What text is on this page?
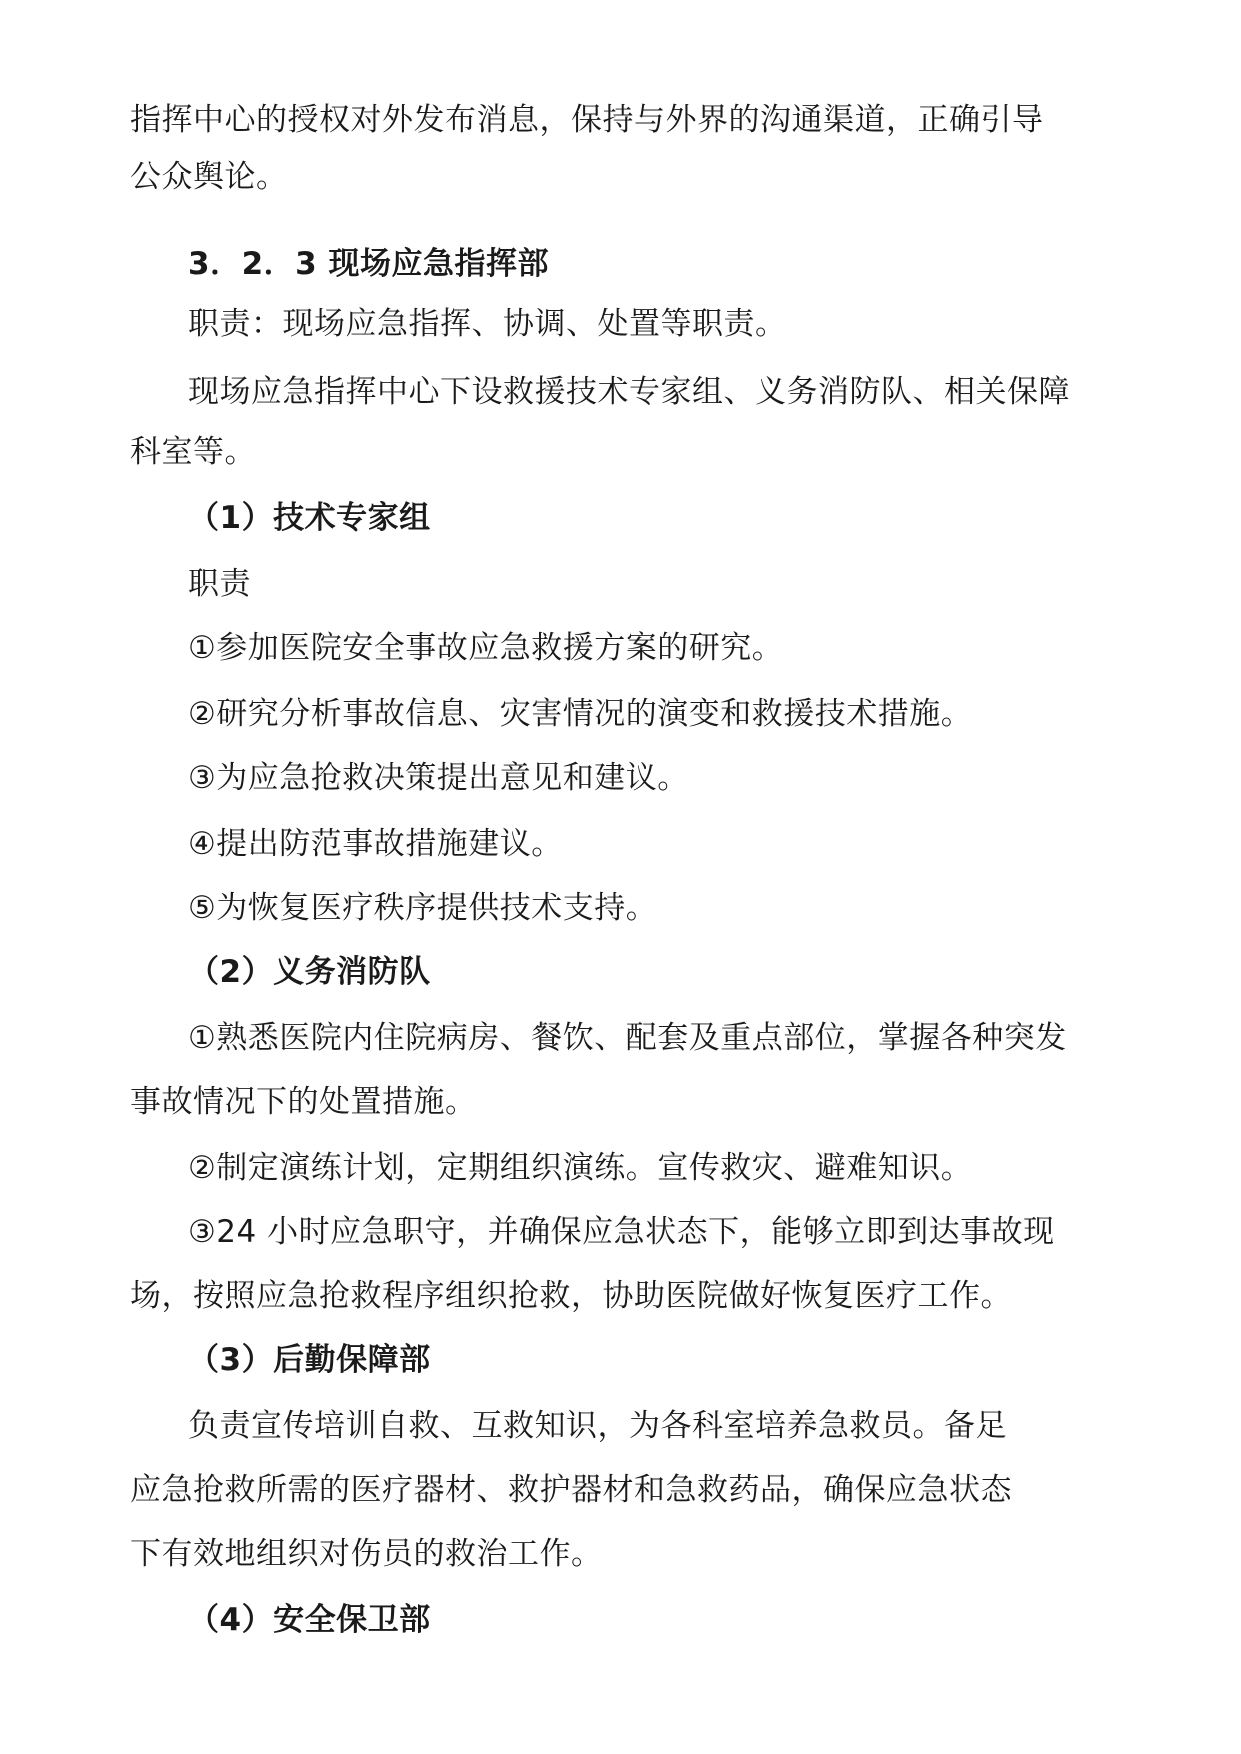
指挥中心的授权对外发布消息，保持与外界的沟通渠道，正确引导
公众舆论。
3．2．3 现场应急指挥部
职责：现场应急指挥、协调、处置等职责。
现场应急指挥中心下设救援技术专家组、义务消防队、相关保障
科室等。
（1）技术专家组
职责
①参加医院安全事故应急救援方案的研究。
②研究分析事故信息、灾害情况的演变和救援技术措施。
③为应急抢救决策提出意见和建议。
④提出防范事故措施建议。
⑤为恢复医疗秩序提供技术支持。
（2）义务消防队
①熟悉医院内住院病房、餐饮、配套及重点部位，掌握各种突发
事故情况下的处置措施。
②制定演练计划，定期组织演练。宣传救灾、避难知识。
③24 小时应急职守，并确保应急状态下，能够立即到达事故现
场，按照应急抢救程序组织抢救，协助医院做好恢复医疗工作。
（3）后勤保障部
负责宣传培训自救、互救知识，为各科室培养急救员。备足
应急抢救所需的医疗器材、救护器材和急救药品，确保应急状态
下有效地组织对伤员的救治工作。
（4）安全保卫部
